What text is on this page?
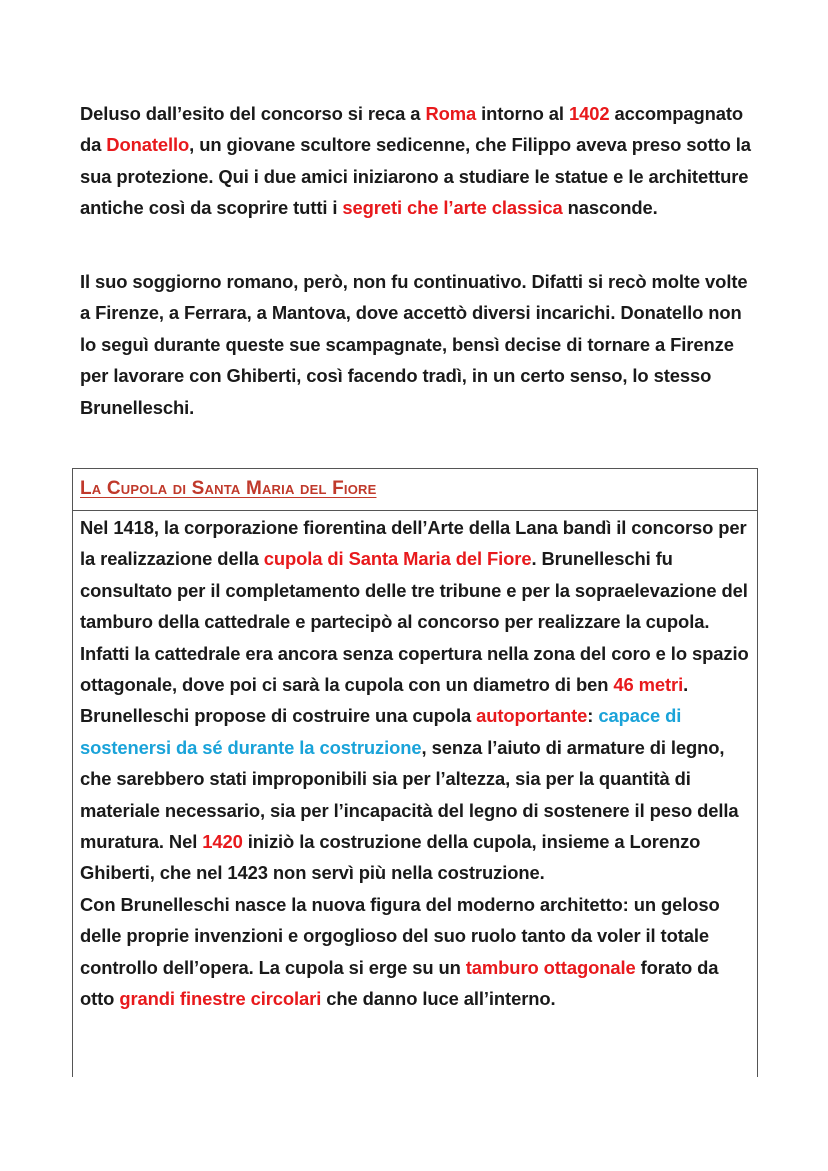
Deluso dall’esito del concorso si reca a Roma intorno al 1402 accompagnato da Donatello, un giovane scultore sedicenne, che Filippo aveva preso sotto la sua protezione. Qui i due amici iniziarono a studiare le statue e le architetture antiche così da scoprire tutti i segreti che l’arte classica nasconde.

Il suo soggiorno romano, però, non fu continuativo. Difatti si recò molte volte a Firenze, a Ferrara, a Mantova, dove accettò diversi incarichi. Donatello non lo seguì durante queste sue scampagnate, bensì decise di tornare a Firenze per lavorare con Ghiberti, così facendo tradì, in un certo senso, lo stesso Brunelleschi.

La Cupola di Santa Maria del Fiore

Nel 1418, la corporazione fiorentina dell’Arte della Lana bandì il concorso per la realizzazione della cupola di Santa Maria del Fiore. Brunelleschi fu consultato per il completamento delle tre tribune e per la sopraelevazione del tamburo della cattedrale e partecipò al concorso per realizzare la cupola. Infatti la cattedrale era ancora senza copertura nella zona del coro e lo spazio ottagonale, dove poi ci sarà la cupola con un diametro di ben 46 metri. Brunelleschi propose di costruire una cupola autoportante: capace di sostenersi da sé durante la costruzione, senza l’aiuto di armature di legno, che sarebbero stati improponibili sia per l’altezza, sia per la quantità di materiale necessario, sia per l’incapacità del legno di sostenere il peso della muratura. Nel 1420 iniziò la costruzione della cupola, insieme a Lorenzo Ghiberti, che nel 1423 non servì più nella costruzione.
Con Brunelleschi nasce la nuova figura del moderno architetto: un geloso delle proprie invenzioni e orgoglioso del suo ruolo tanto da voler il totale controllo dell’opera. La cupola si erge su un tamburo ottagonale forato da otto grandi finestre circolari che danno luce all’interno.
